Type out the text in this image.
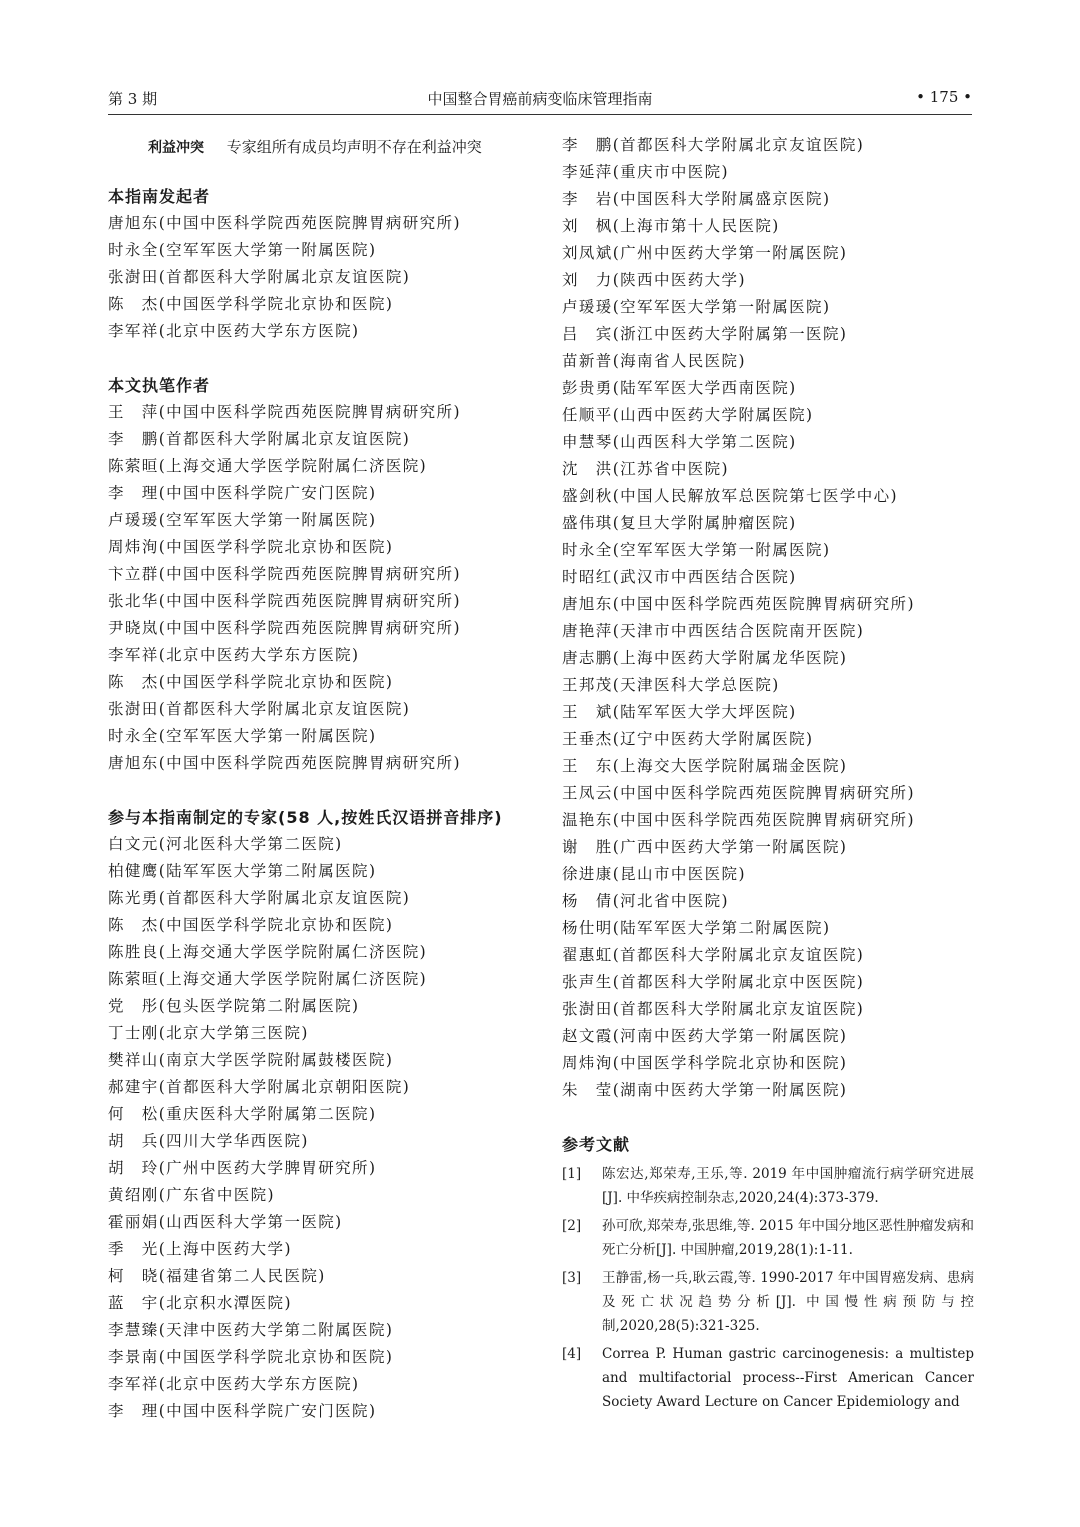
第 3 期	中国整合胃癌前病变临床管理指南	• 175 •
利益冲突 专家组所有成员均声明不存在利益冲突
本指南发起者
唐旭东(中国中医科学院西苑医院脾胃病研究所)
时永全(空军军医大学第一附属医院)
张澍田(首都医科大学附属北京友谊医院)
陈　杰(中国医学科学院北京协和医院)
李军祥(北京中医药大学东方医院)
本文执笔作者
王　萍(中国中医科学院西苑医院脾胃病研究所)
李　鹏(首都医科大学附属北京友谊医院)
陈萦晅(上海交通大学医学院附属仁济医院)
李　理(中国中医科学院广安门医院)
卢瑗瑗(空军军医大学第一附属医院)
周炜洵(中国医学科学院北京协和医院)
卞立群(中国中医科学院西苑医院脾胃病研究所)
张北华(中国中医科学院西苑医院脾胃病研究所)
尹晓岚(中国中医科学院西苑医院脾胃病研究所)
李军祥(北京中医药大学东方医院)
陈　杰(中国医学科学院北京协和医院)
张澍田(首都医科大学附属北京友谊医院)
时永全(空军军医大学第一附属医院)
唐旭东(中国中医科学院西苑医院脾胃病研究所)
参与本指南制定的专家(58 人,按姓氏汉语拼音排序)
白文元(河北医科大学第二医院)
柏健鹰(陆军军医大学第二附属医院)
陈光勇(首都医科大学附属北京友谊医院)
陈　杰(中国医学科学院北京协和医院)
陈胜良(上海交通大学医学院附属仁济医院)
陈萦晅(上海交通大学医学院附属仁济医院)
党　彤(包头医学院第二附属医院)
丁士刚(北京大学第三医院)
樊祥山(南京大学医学院附属鼓楼医院)
郝建宇(首都医科大学附属北京朝阳医院)
何　松(重庆医科大学附属第二医院)
胡　兵(四川大学华西医院)
胡　玲(广州中医药大学脾胃研究所)
黄绍刚(广东省中医院)
霍丽娟(山西医科大学第一医院)
季　光(上海中医药大学)
柯　晓(福建省第二人民医院)
蓝　宇(北京积水潭医院)
李慧臻(天津中医药大学第二附属医院)
李景南(中国医学科学院北京协和医院)
李军祥(北京中医药大学东方医院)
李　理(中国中医科学院广安门医院)
李　鹏(首都医科大学附属北京友谊医院)
李延萍(重庆市中医院)
李　岩(中国医科大学附属盛京医院)
刘　枫(上海市第十人民医院)
刘凤斌(广州中医药大学第一附属医院)
刘　力(陕西中医药大学)
卢瑗瑗(空军军医大学第一附属医院)
吕　宾(浙江中医药大学附属第一医院)
苗新普(海南省人民医院)
彭贵勇(陆军军医大学西南医院)
任顺平(山西中医药大学附属医院)
申慧琴(山西医科大学第二医院)
沈　洪(江苏省中医院)
盛剑秋(中国人民解放军总医院第七医学中心)
盛伟琪(复旦大学附属肿瘤医院)
时永全(空军军医大学第一附属医院)
时昭红(武汉市中西医结合医院)
唐旭东(中国中医科学院西苑医院脾胃病研究所)
唐艳萍(天津市中西医结合医院南开医院)
唐志鹏(上海中医药大学附属龙华医院)
王邦茂(天津医科大学总医院)
王　斌(陆军军医大学大坪医院)
王垂杰(辽宁中医药大学附属医院)
王　东(上海交大医学院附属瑞金医院)
王凤云(中国中医科学院西苑医院脾胃病研究所)
温艳东(中国中医科学院西苑医院脾胃病研究所)
谢　胜(广西中医药大学第一附属医院)
徐进康(昆山市中医医院)
杨　倩(河北省中医院)
杨仕明(陆军军医大学第二附属医院)
翟惠虹(首都医科大学附属北京友谊医院)
张声生(首都医科大学附属北京中医医院)
张澍田(首都医科大学附属北京友谊医院)
赵文霞(河南中医药大学第一附属医院)
周炜洵(中国医学科学院北京协和医院)
朱　莹(湖南中医药大学第一附属医院)
参考文献
[1]	陈宏达,郑荣寿,王乐,等. 2019 年中国肿瘤流行病学研究进展[J]. 中华疾病控制杂志,2020,24(4):373-379.
[2]	孙可欣,郑荣寿,张思维,等. 2015 年中国分地区恶性肿瘤发病和死亡分析[J]. 中国肿瘤,2019,28(1):1-11.
[3]	王静雷,杨一兵,耿云霞,等. 1990-2017 年中国胃癌发病、患病及死亡状况趋势分析[J]. 中国慢性病预防与控制,2020,28(5):321-325.
[4]	Correa P. Human gastric carcinogenesis: a multistep and multifactorial process--First American Cancer Society Award Lecture on Cancer Epidemiology and
